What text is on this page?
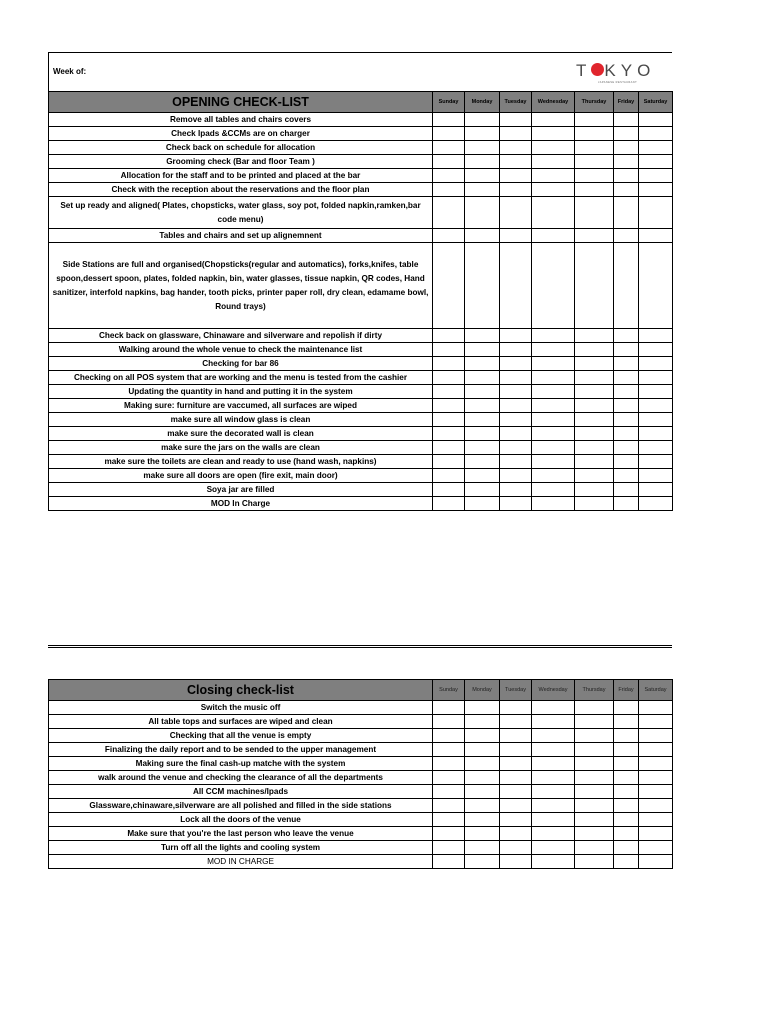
Week of:	T KYO
JAPANESE RESTAURANT
OPENING CHECK-LIST	Sunday	Monday	Tuesday	Wednesday	Thursday	Friday	Saturday
Remove all tables and chairs covers							
Check Ipads &CCMs are on charger							
Check back on schedule for allocation							
Grooming check (Bar and floor Team )							
Allocation for the staff and to be printed and placed at the bar							
Check with the reception about the reservations and the floor plan							
Set up ready and aligned( Plates, chopsticks, water glass, soy pot, folded napkin,ramken,bar code menu)							
Tables and chairs and set up alignemnent							
Side Stations are full and organised(Chopsticks(regular and automatics), forks,knifes, table spoon,dessert spoon, plates, folded napkin, bin, water glasses, tissue napkin, QR codes, Hand sanitizer, interfold napkins, bag hander, tooth picks, printer paper roll, dry clean, edamame bowl, Round trays)							
Check back on glassware, Chinaware and silverware and repolish if dirty							
Walking around the whole venue to check the maintenance list							
Checking for bar 86							
Checking on all POS system that are working and the menu is tested from the cashier							
Updating the quantity in hand and putting it in the system							
Making sure: furniture are vaccumed, all surfaces are wiped							
make sure all window glass is clean							
make sure the decorated wall is clean							
make sure the jars on the walls are clean							
make sure the toilets are clean and ready to use (hand wash, napkins)							
make sure all doors are open (fire exit, main door)							
Soya jar are filled							
MOD In Charge							
Closing check-list	Sunday	Monday	Tuesday	Wednesday	Thursday	Friday	Saturday
Switch the music off							
All table tops and surfaces are wiped and clean							
Checking that all the venue is empty							
Finalizing the daily report and to be sended to the upper management							
Making sure the final cash-up matche with the system							
walk around the venue and checking the clearance of all the departments							
All CCM machines/Ipads							
Glassware,chinaware,silverware are all polished and filled in the side stations							
Lock all the doors of the venue							
Make sure that you're the last person who leave the venue							
Turn off all the lights and cooling system							
MOD IN CHARGE							
